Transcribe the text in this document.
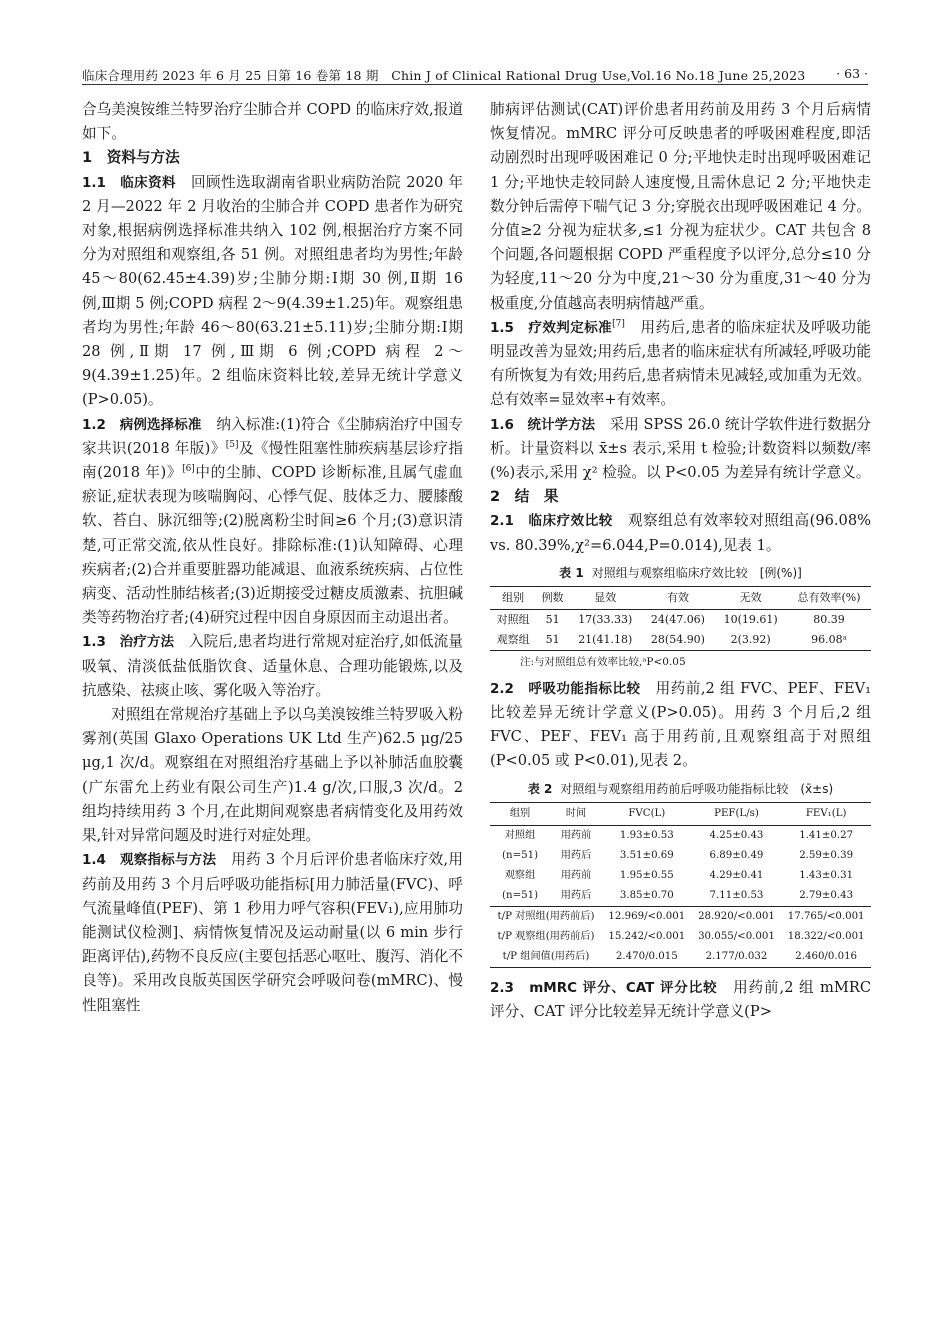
临床合理用药 2023 年 6 月 25 日第 16 卷第 18 期　Chin J of Clinical Rational Drug Use,Vol.16 No.18 June 25,2023 · 63 ·

合乌美溴铵维兰特罗治疗尘肺合并 COPD 的临床疗效,报道如下。

1　资料与方法

1.1　临床资料　 回顾性选取湖南省职业病防治院 2020 年 2 月—2022 年 2 月收治的尘肺合并 COPD 患者作为研究对象,根据病例选择标准共纳入 102 例,根据治疗方案不同分为对照组和观察组,各 51 例。对照组患者均为男性;年龄 45～80(62.45±4.39)岁;尘肺分期:Ⅰ期 30 例,Ⅱ期 16 例,Ⅲ期 5 例;COPD 病程 2～9(4.39±1.25)年。观察组患者均为男性;年龄 46～80(63.21±5.11)岁;尘肺分期:Ⅰ期 28 例,Ⅱ期 17 例,Ⅲ期 6 例;COPD 病程 2～9(4.39±1.25)年。2 组临床资料比较,差异无统计学意义(P>0.05)。

1.2　病例选择标准　 纳入标准:(1)符合《尘肺病治疗中国专家共识(2018 年版)》[5]及《慢性阻塞性肺疾病基层诊疗指南(2018 年)》[6]中的尘肺、COPD 诊断标准,且属气虚血瘀证,症状表现为咳喘胸闷、心悸气促、肢体乏力、腰膝酸软、苔白、脉沉细等;(2)脱离粉尘时间≥6 个月;(3)意识清楚,可正常交流,依从性良好。排除标准:(1)认知障碍、心理疾病者;(2)合并重要脏器功能减退、血液系统疾病、占位性病变、活动性肺结核者;(3)近期接受过糖皮质激素、抗胆碱类等药物治疗者;(4)研究过程中因自身原因而主动退出者。

1.3　治疗方法　 入院后,患者均进行常规对症治疗,如低流量吸氧、清淡低盐低脂饮食、适量休息、合理功能锻炼,以及抗感染、祛痰止咳、雾化吸入等治疗。

对照组在常规治疗基础上予以乌美溴铵维兰特罗吸入粉雾剂(英国 Glaxo Operations UK Ltd 生产)62.5 μg/25 μg,1 次/d。观察组在对照组治疗基础上予以补肺活血胶囊(广东雷允上药业有限公司生产)1.4 g/次,口服,3 次/d。2 组均持续用药 3 个月,在此期间观察患者病情变化及用药效果,针对异常问题及时进行对症处理。

1.4　观察指标与方法　 用药 3 个月后评价患者临床疗效,用药前及用药 3 个月后呼吸功能指标[用力肺活量(FVC)、呼气流量峰值(PEF)、第 1 秒用力呼气容积(FEV₁),应用肺功能测试仪检测]、病情恢复情况及运动耐量(以 6 min 步行距离评估),药物不良反应(主要包括恶心呕吐、腹泻、消化不良等)。采用改良版英国医学研究会呼吸问卷(mMRC)、慢性阻塞性

肺病评估测试(CAT)评价患者用药前及用药 3 个月后病情恢复情况。mMRC 评分可反映患者的呼吸困难程度,即活动剧烈时出现呼吸困难记 0 分;平地快走时出现呼吸困难记 1 分;平地快走较同龄人速度慢,且需休息记 2 分;平地快走数分钟后需停下喘气记 3 分;穿脱衣出现呼吸困难记 4 分。分值≥2 分视为症状多,≤1 分视为症状少。CAT 共包含 8 个问题,各问题根据 COPD 严重程度予以评分,总分≤10 分为轻度,11～20 分为中度,21～30 分为重度,31～40 分为极重度,分值越高表明病情越严重。

1.5　疗效判定标准[7]　 用药后,患者的临床症状及呼吸功能明显改善为显效;用药后,患者的临床症状有所减轻,呼吸功能有所恢复为有效;用药后,患者病情未见减轻,或加重为无效。总有效率=显效率+有效率。

1.6　统计学方法　 采用 SPSS 26.0 统计学软件进行数据分析。计量资料以 x̄±s 表示,采用 t 检验;计数资料以频数/率(%)表示,采用 χ² 检验。以 P<0.05 为差异有统计学意义。

2　结　果

2.1　临床疗效比较　 观察组总有效率较对照组高(96.08% vs. 80.39%,χ²=6.044,P=0.014),见表 1。

表 1 对照组与观察组临床疗效比较　[例(%)]
组别	例数	显效	有效	无效	总有效率(%)
对照组	51	17(33.33)	24(47.06)	10(19.61)	80.39
观察组	51	21(41.18)	28(54.90)	2(3.92)	96.08ᵃ
注:与对照组总有效率比较,ᵃP<0.05

2.2　呼吸功能指标比较　 用药前,2 组 FVC、PEF、FEV₁ 比较差异无统计学意义(P>0.05)。用药 3 个月后,2 组 FVC、PEF、FEV₁ 高于用药前,且观察组高于对照组(P<0.05 或 P<0.01),见表 2。

表 2 对照组与观察组用药前后呼吸功能指标比较　(x̄±s)
组别	时间	FVC(L)	PEF(L/s)	FEV₁(L)
对照组	用药前	1.93±0.53	4.25±0.43	1.41±0.27
(n=51)	用药后	3.51±0.69	6.89±0.49	2.59±0.39
观察组	用药前	1.95±0.55	4.29±0.41	1.43±0.31
(n=51)	用药后	3.85±0.70	7.11±0.53	2.79±0.43
t/P 对照组(用药前后)		12.969/<0.001	28.920/<0.001	17.765/<0.001
t/P 观察组(用药前后)		15.242/<0.001	30.055/<0.001	18.322/<0.001
t/P 组间值(用药后)		2.470/0.015	2.177/0.032	2.460/0.016

2.3　mMRC 评分、CAT 评分比较　 用药前,2 组 mMRC 评分、CAT 评分比较差异无统计学意义(P>
